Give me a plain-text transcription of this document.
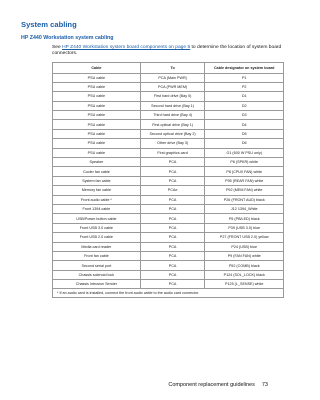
System cabling
HP Z440 Workstation system cabling
See HP Z440 Workstation system board components on page 5 to determine the location of system board connectors.
Cable	To	Cable designator on system board
PSU cable	PCA (Main PWR)	P1
PSU cable	PCA (PWR MEM)	P2
PSU cable	First hard drive (Bay 0)	D1
PSU cable	Second hard drive (Bay 1)	D2
PSU cable	Third hard drive (Bay 4)	D3
PSU cable	First optical drive (Bay 1)	D4
PSU cable	Second optical drive (Bay 2)	D5
PSU cable	Other drive (Bay 3)	D6
PSU cable	First graphics card	G1 (600 W PSU only)
Speaker	PCA	P6 (SPKR) white
Cooler fan cable	PCA	P8 (CPU0 FAN) white
System fan cable	PCA	P95 (REAR FAN) white
Memory fan cable	PCAe	P92 (MEM FAN) white
Front audio cable *	PCA	P26 (FRONT AUD) black
Front 1394 cable	PCA	J12 1394_White
USB/Power button cable	PCA	P5 (PB/LED) black
Front USB 3.0 cable	PCA	P39 (USB 3.0) blue
Front USB 2.0 cable	PCA	P27 (FRONT USB 2.0) yellow
Media card reader	PCA	P24 (USB) blue
Front fan cable	PCA	P9 (FAN FAN) white
Second serial port	PCA	P52 (COMB) black
Chassis solenoid lock	PCA	P124 (SOL_LOCK) black
Chassis Intrusion Sender	PCA	P125 (L_SENSE) white
* If an audio card is installed, connect the front audio cable to the audio card connector.		
Component replacement guidelines 73
